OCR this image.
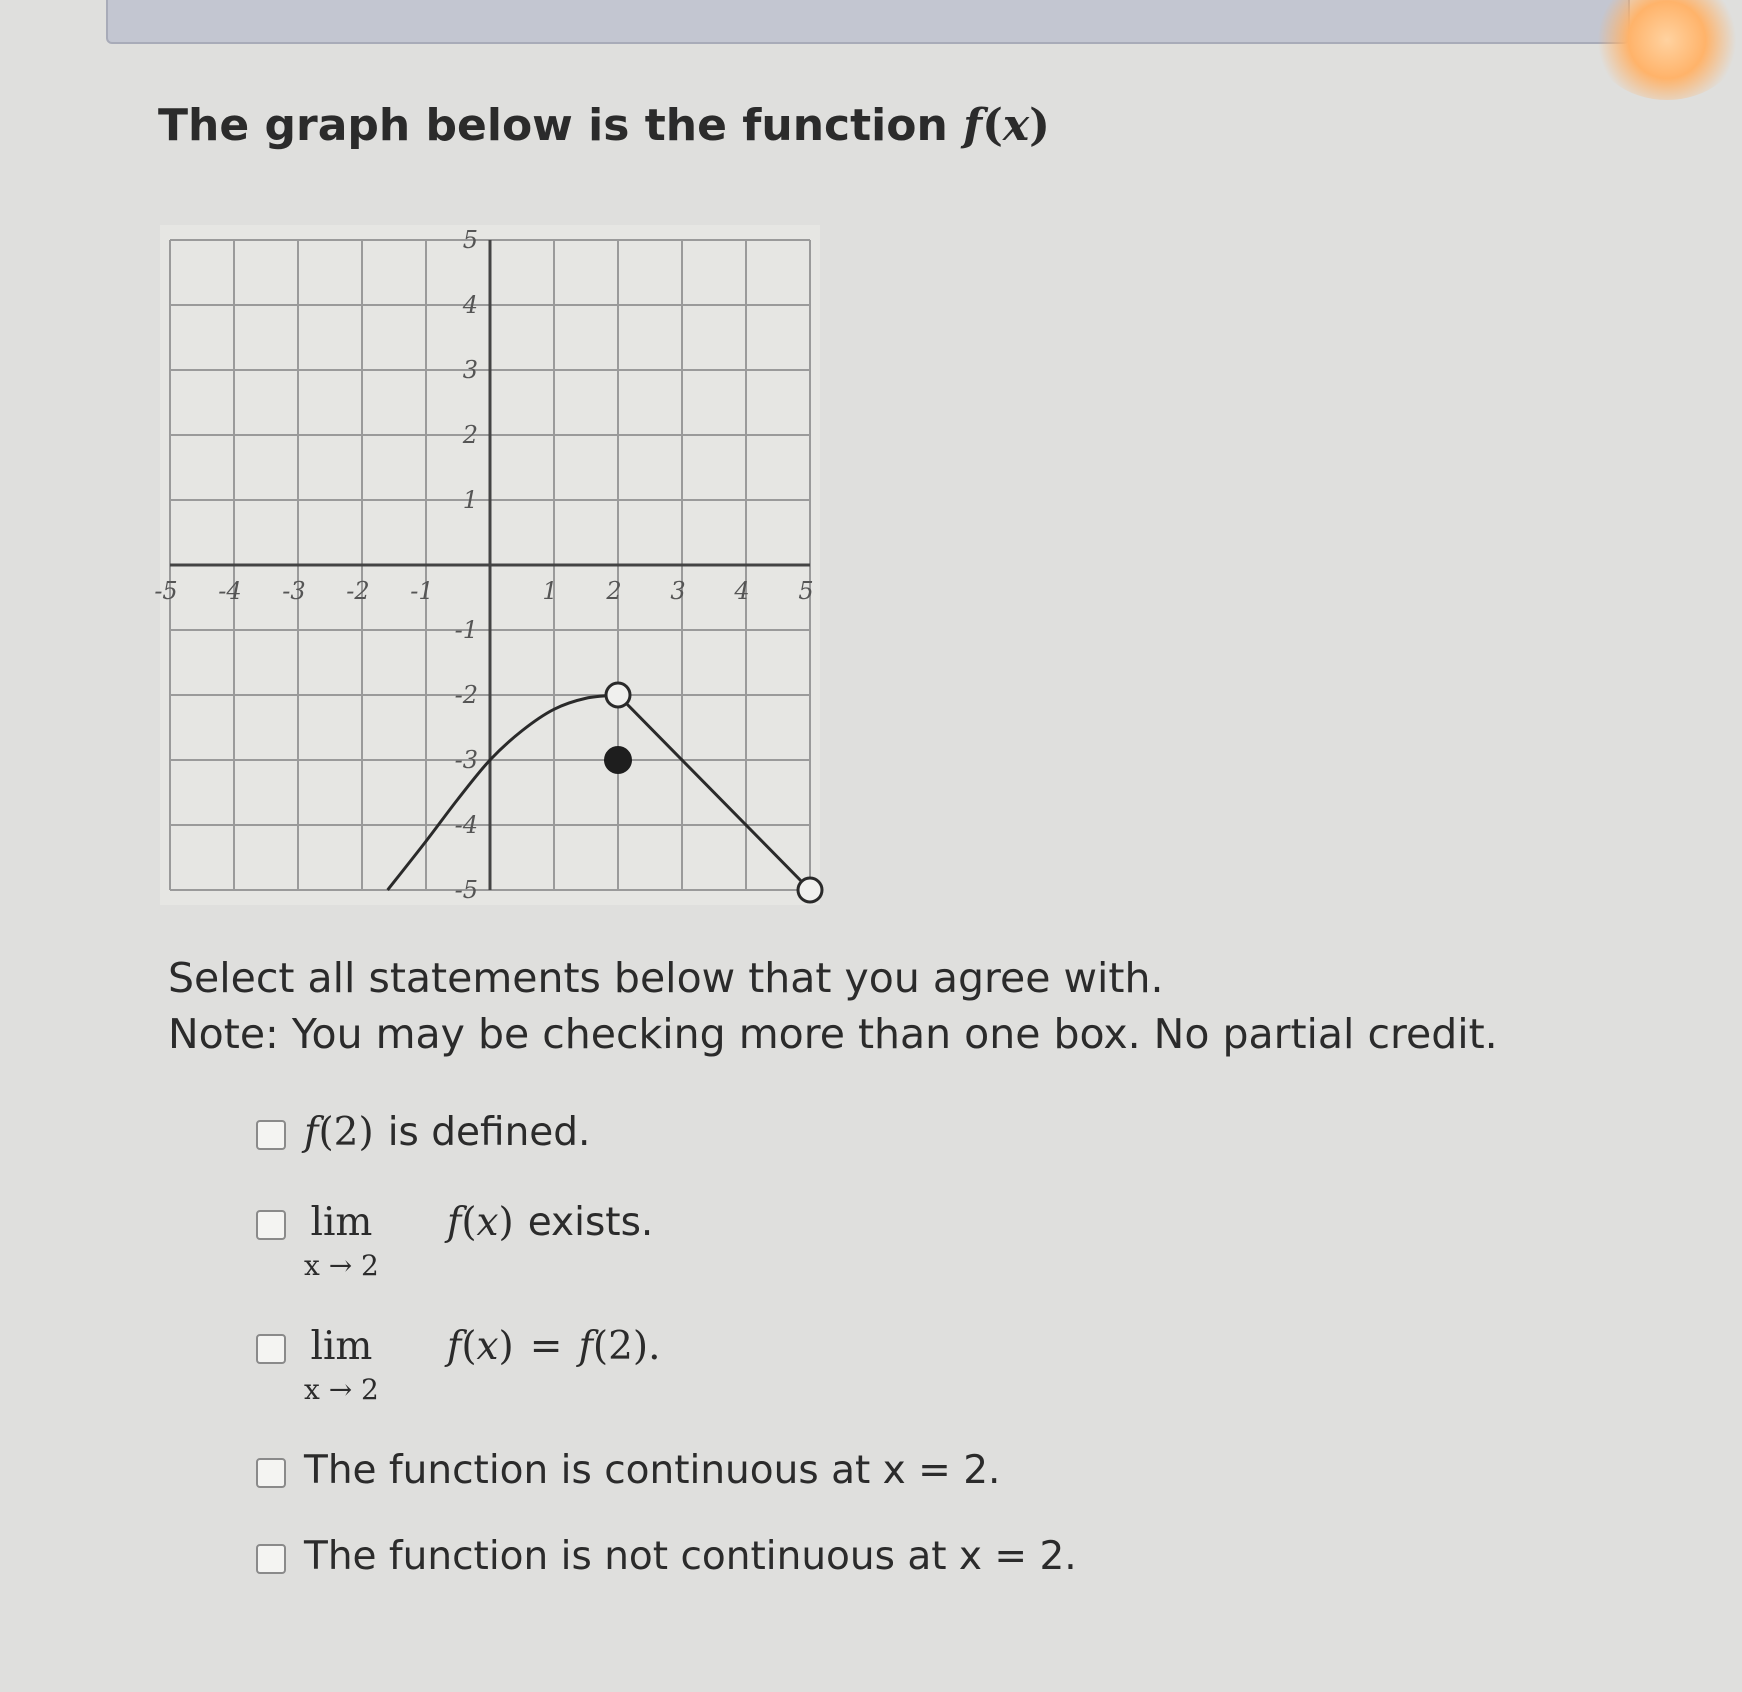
The graph below is the function f(x)
-5 -4 -3 -2 -1	1 2 3 4 5
5
4
3
2
1
-1
-2
-3
-4
-5
Select all statements below that you agree with.
Note: You may be checking more than one box. No partial credit.
f ( 2 ) is defined.
lim
x → 2
f ( x ) exists.
lim
x → 2
f ( x ) = f ( 2 ) .
The function is continuous at x = 2.
The function is not continuous at x = 2.
